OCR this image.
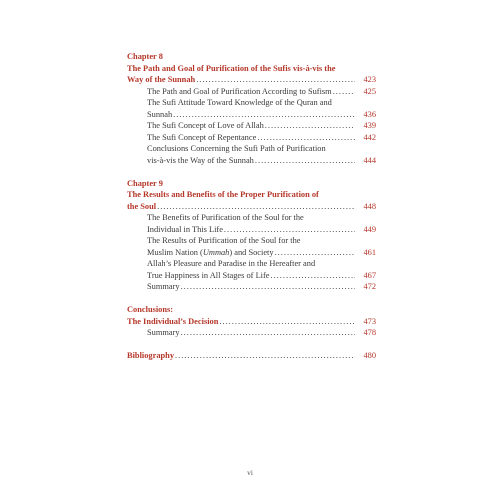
Chapter 8
The Path and Goal of Purification of the Sufis vis-à-vis the
Way of the Sunnah .....	423
The Path and Goal of Purification According to Sufism .....	425
The Sufi Attitude Toward Knowledge of the Quran and
Sunnah .....	436
The Sufi Concept of Love of Allah .....	439
The Sufi Concept of Repentance .....	442
Conclusions Concerning the Sufi Path of Purification
vis-à-vis the Way of the Sunnah .....	444
Chapter 9
The Results and Benefits of the Proper Purification of
the Soul .....	448
The Benefits of Purification of the Soul for the
Individual in This Life .....	449
The Results of Purification of the Soul for the
Muslim Nation (Ummah) and Society .....	461
Allah’s Pleasure and Paradise in the Hereafter and
True Happiness in All Stages of Life .....	467
Summary .....	472
Conclusions:
The Individual’s Decision .....	473
Summary .....	478
Bibliography .....	480
vi
